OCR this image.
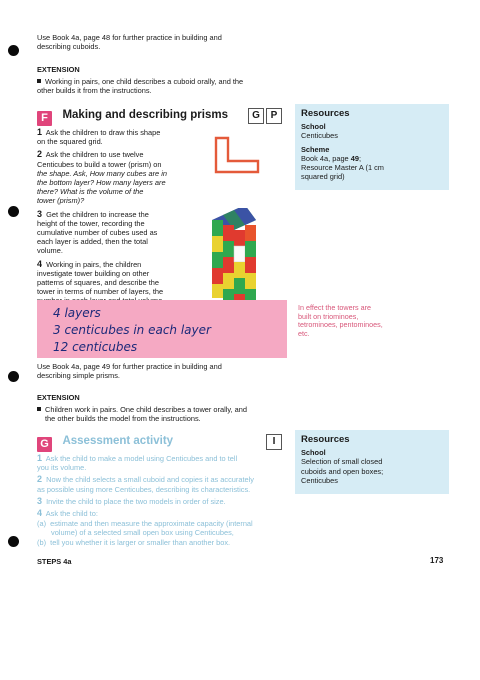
Use Book 4a, page 48 for further practice in building and
describing cuboids.
EXTENSION
Working in pairs, one child describes a cuboid orally, and the
other builds it from the instructions.
F $^{Making and describing prisms}$	G	P	Resources
School
Centicubes
Scheme
Book 4a, page 49;
Resource Master A (1 cm
squared grid)
1 Ask the children to draw this shape
on the squared grid.
2 Ask the children to use twelve
Centicubes to build a tower (prism) on
the shape. Ask, How many cubes are in
the bottom layer? How many layers are
there? What is the volume of the
tower (prism)?
3 Get the children to increase the
height of the tower, recording the
cumulative number of cubes used as
each layer is added, then the total
volume.
4 Working in pairs, the children
investigate tower building on other
patterns of squares, and describe the
tower in terms of number of layers, the

4 layers
3 centicubes in each layer
12 centicubes
In effect the towers are
built on triominoes,
tetrominoes, pentominoes,
etc.
Use Book 4a, page 49 for further practice in building and
describing simple prisms.
EXTENSION
Children work in pairs. One child describes a tower orally, and
the other builds the model from the instructions.
G $^{Assessment activity}$	I	Resources
School
Selection of small closed
cuboids and open boxes;
Centicubes
1 Ask the child to make a model using Centicubes and to tell
you its volume.
2 Now the child selects a small cuboid and copies it as accurately
as possible using more Centicubes, describing its characteristics.
3 Invite the child to place the two models in order of size.
4 Ask the child to:
(a) estimate and then measure the approximate capacity (internal
volume) of a selected small open box using Centicubes,
(b) tell you whether it is larger or smaller than another box.
STEPS 4a	173
